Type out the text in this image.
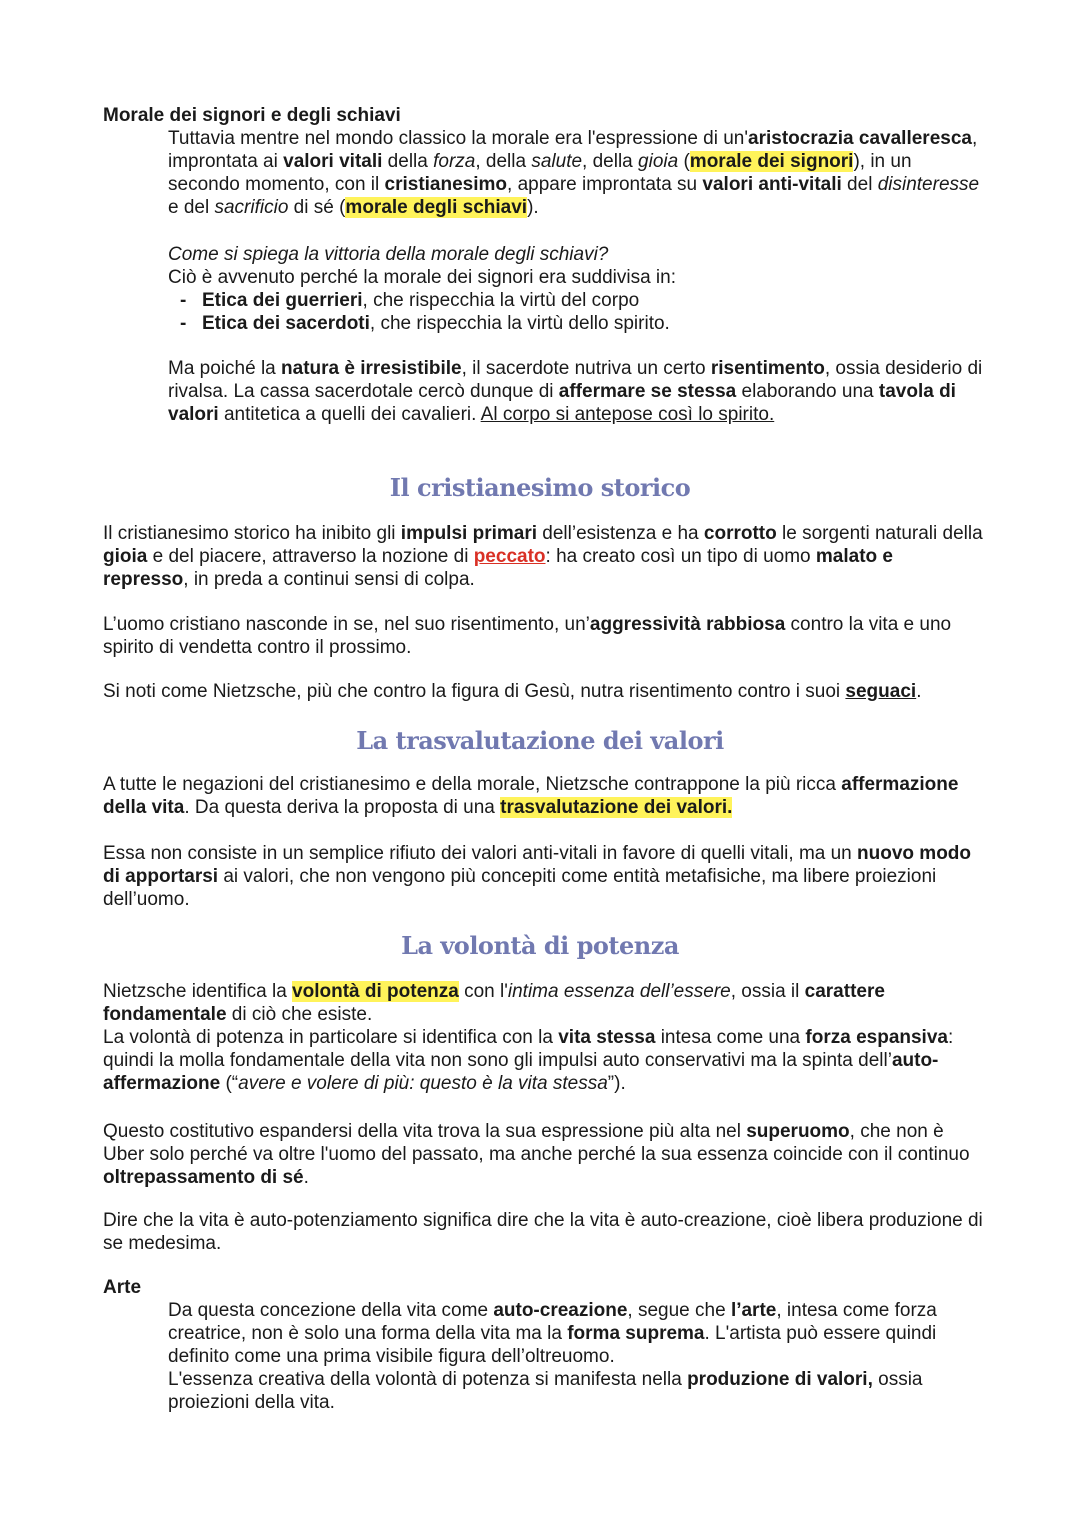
Morale dei signori e degli schiavi

Tuttavia mentre nel mondo classico la morale era l'espressione di un'aristocrazia cavalleresca, improntata ai valori vitali della forza, della salute, della gioia (morale dei signori), in un secondo momento, con il cristianesimo, appare improntata su valori anti-vitali del disinteresse e del sacrificio di sé (morale degli schiavi).

Come si spiega la vittoria della morale degli schiavi?

Ciò è avvenuto perché la morale dei signori era suddivisa in:

- Etica dei guerrieri, che rispecchia la virtù del corpo
- Etica dei sacerdoti, che rispecchia la virtù dello spirito.

Ma poiché la natura è irresistibile, il sacerdote nutriva un certo risentimento, ossia desiderio di rivalsa. La cassa sacerdotale cercò dunque di affermare se stessa elaborando una tavola di valori antitetica a quelli dei cavalieri. Al corpo si antepose così lo spirito.

Il cristianesimo storico

Il cristianesimo storico ha inibito gli impulsi primari dell’esistenza e ha corrotto le sorgenti naturali della gioia e del piacere, attraverso la nozione di peccato: ha creato così un tipo di uomo malato e represso, in preda a continui sensi di colpa.

L’uomo cristiano nasconde in se, nel suo risentimento, un’aggressività rabbiosa contro la vita e uno spirito di vendetta contro il prossimo.

Si noti come Nietzsche, più che contro la figura di Gesù, nutra risentimento contro i suoi seguaci.

La trasvalutazione dei valori

A tutte le negazioni del cristianesimo e della morale, Nietzsche contrappone la più ricca affermazione della vita. Da questa deriva la proposta di una trasvalutazione dei valori.

Essa non consiste in un semplice rifiuto dei valori anti-vitali in favore di quelli vitali, ma un nuovo modo di apportarsi ai valori, che non vengono più concepiti come entità metafisiche, ma libere proiezioni dell’uomo.

La volontà di potenza

Nietzsche identifica la volontà di potenza con l'intima essenza dell’essere, ossia il carattere fondamentale di ciò che esiste.

La volontà di potenza in particolare si identifica con la vita stessa intesa come una forza espansiva: quindi la molla fondamentale della vita non sono gli impulsi auto conservativi ma la spinta dell’auto-affermazione (“avere e volere di più: questo è la vita stessa”).

Questo costitutivo espandersi della vita trova la sua espressione più alta nel superuomo, che non è Uber solo perché va oltre l'uomo del passato, ma anche perché la sua essenza coincide con il continuo oltrepassamento di sé.

Dire che la vita è auto-potenziamento significa dire che la vita è auto-creazione, cioè libera produzione di se medesima.

Arte

Da questa concezione della vita come auto-creazione, segue che l’arte, intesa come forza creatrice, non è solo una forma della vita ma la forma suprema. L'artista può essere quindi definito come una prima visibile figura dell’oltreuomo.

L'essenza creativa della volontà di potenza si manifesta nella produzione di valori, ossia proiezioni della vita.
